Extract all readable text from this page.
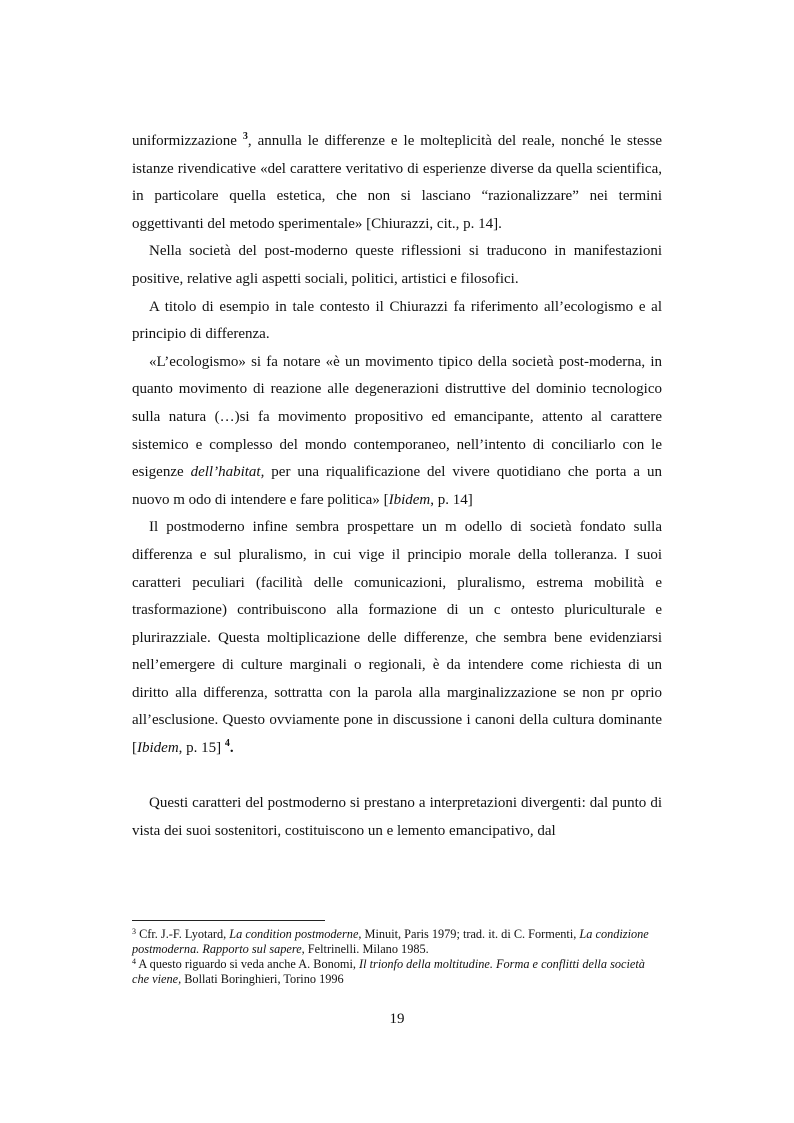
uniformizzazione $^3$, annulla le differenze e le molteplicità del reale, nonché le stesse istanze rivendicative «del carattere veritativo di esperienze diverse da quella scientifica, in particolare quella estetica, che non si lasciano “razionalizzare” nei termini oggettivanti del metodo sperimentale» [Chiurazzi, cit., p. 14].

Nella società del post-moderno queste riflessioni si traducono in manifestazioni positive, relative agli aspetti sociali, politici, artistici e filosofici.

A titolo di esempio in tale contesto il Chiurazzi fa riferimento all’ecologismo e al principio di differenza.

«L’ecologismo» si fa notare «è un movimento tipico della società post-moderna, in quanto movimento di reazione alle degenerazioni distruttive del dominio tecnologico sulla natura (…)si fa movimento propositivo ed emancipante, attento al carattere sistemico e complesso del mondo contemporaneo, nell’intento di conciliarlo con le esigenze dell’habitat, per una riqualificazione del vivere quotidiano che porta a un nuovo m odo di intendere e fare politica» [Ibidem, p. 14]

Il postmoderno infine sembra prospettare un m odello di società fondato sulla differenza e sul pluralismo, in cui vige il principio morale della tolleranza. I suoi caratteri peculiari (facilità delle comunicazioni, pluralismo, estrema mobilità e trasformazione) contribuiscono alla formazione di un c ontesto pluriculturale e plurirazziale. Questa moltiplicazione delle differenze, che sembra bene evidenziarsi nell’emergere di culture marginali o regionali, è da intendere come richiesta di un diritto alla differenza, sottratta con la parola alla marginalizzazione se non pr oprio all’esclusione. Questo ovviamente pone in discussione i canoni della cultura dominante [Ibidem, p. 15] $^4$.

Questi caratteri del postmoderno si prestano a interpretazioni divergenti: dal punto di vista dei suoi sostenitori, costituiscono un e lemento emancipativo, dal

$^3$ Cfr. J.-F. Lyotard, La condition postmoderne, Minuit, Paris 1979; trad. it. di C. Formenti, La condizione postmoderna. Rapporto sul sapere, Feltrinelli. Milano 1985.

$^4$ A questo riguardo si veda anche A. Bonomi, Il trionfo della moltitudine. Forma e conflitti della società che viene, Bollati Boringhieri, Torino 1996

19
